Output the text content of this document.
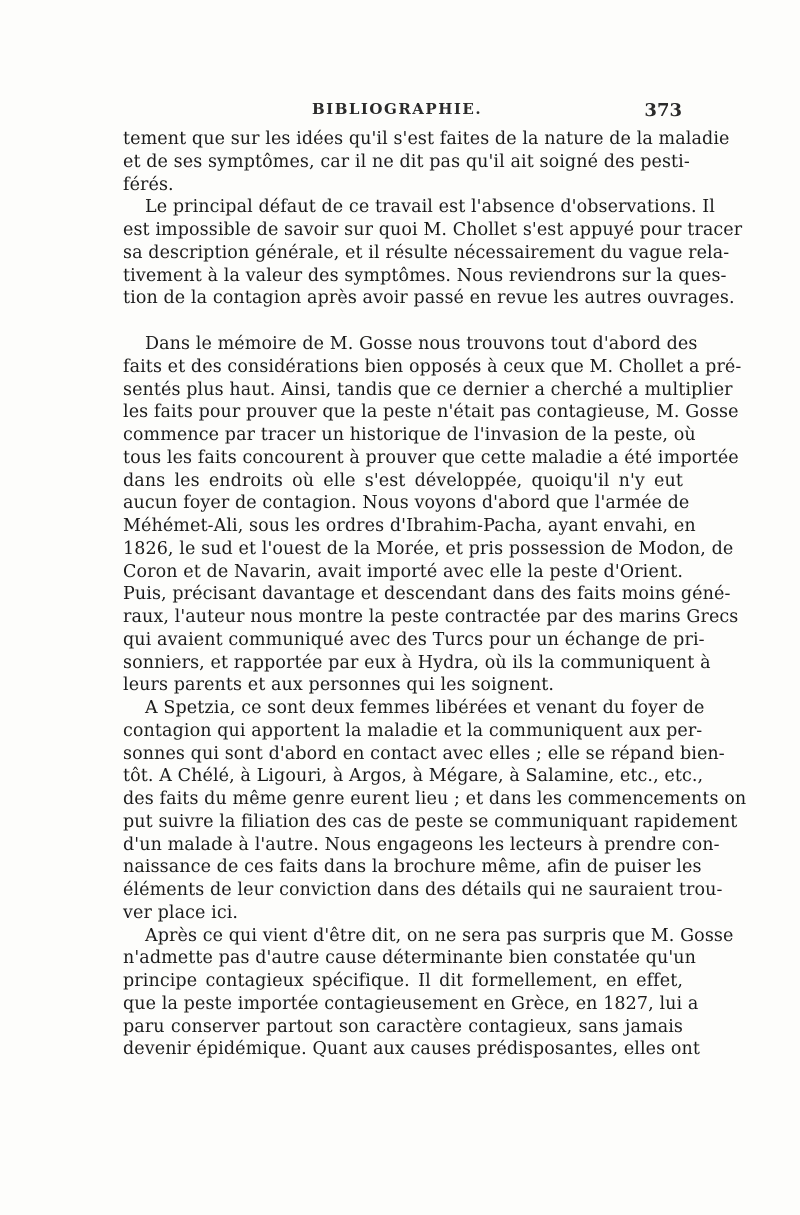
BIBLIOGRAPHIE.	373
tement que sur les idées qu'il s'est faites de la nature de la maladie
et de ses symptômes, car il ne dit pas qu'il ait soigné des pesti-
férés.
Le principal défaut de ce travail est l'absence d'observations. Il
est impossible de savoir sur quoi M. Chollet s'est appuyé pour tracer
sa description générale, et il résulte nécessairement du vague rela-
tivement à la valeur des symptômes. Nous reviendrons sur la ques-
tion de la contagion après avoir passé en revue les autres ouvrages.
Dans le mémoire de M. Gosse nous trouvons tout d'abord des
faits et des considérations bien opposés à ceux que M. Chollet a pré-
sentés plus haut. Ainsi, tandis que ce dernier a cherché a multiplier
les faits pour prouver que la peste n'était pas contagieuse, M. Gosse
commence par tracer un historique de l'invasion de la peste, où
tous les faits concourent à prouver que cette maladie a été importée
dans les endroits où elle s'est développée, quoiqu'il n'y eut
aucun foyer de contagion. Nous voyons d'abord que l'armée de
Méhémet-Ali, sous les ordres d'Ibrahim-Pacha, ayant envahi, en
1826, le sud et l'ouest de la Morée, et pris possession de Modon, de
Coron et de Navarin, avait importé avec elle la peste d'Orient.
Puis, précisant davantage et descendant dans des faits moins géné-
raux, l'auteur nous montre la peste contractée par des marins Grecs
qui avaient communiqué avec des Turcs pour un échange de pri-
sonniers, et rapportée par eux à Hydra, où ils la communiquent à
leurs parents et aux personnes qui les soignent.
A Spetzia, ce sont deux femmes libérées et venant du foyer de
contagion qui apportent la maladie et la communiquent aux per-
sonnes qui sont d'abord en contact avec elles ; elle se répand bien-
tôt. A Chélé, à Ligouri, à Argos, à Mégare, à Salamine, etc., etc.,
des faits du même genre eurent lieu ; et dans les commencements on
put suivre la filiation des cas de peste se communiquant rapidement
d'un malade à l'autre. Nous engageons les lecteurs à prendre con-
naissance de ces faits dans la brochure même, afin de puiser les
éléments de leur conviction dans des détails qui ne sauraient trou-
ver place ici.
Après ce qui vient d'être dit, on ne sera pas surpris que M. Gosse
n'admette pas d'autre cause déterminante bien constatée qu'un
principe contagieux spécifique. Il dit formellement, en effet,
que la peste importée contagieusement en Grèce, en 1827, lui a
paru conserver partout son caractère contagieux, sans jamais
devenir épidémique. Quant aux causes prédisposantes, elles ont
